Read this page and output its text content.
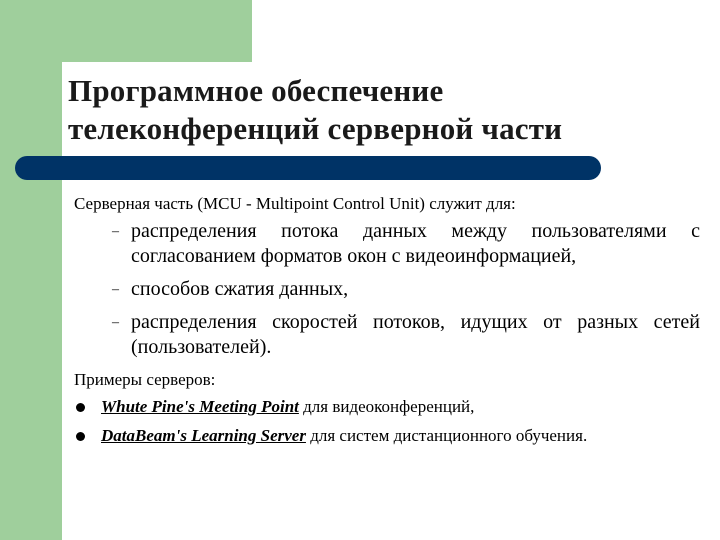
Программное обеспечение
телеконференций серверной части

Серверная часть (MCU - Multipoint Control Unit) служит для:

– распределения потока данных между пользователями с согласованием форматов окон с видеоинформацией,
– способов сжатия данных,
– распределения скоростей потоков, идущих от разных сетей (пользователей).

Примеры серверов:

Whute Pine's Meeting Point для видеоконференций,
DataBeam's Learning Server для систем дистанционного обучения.
